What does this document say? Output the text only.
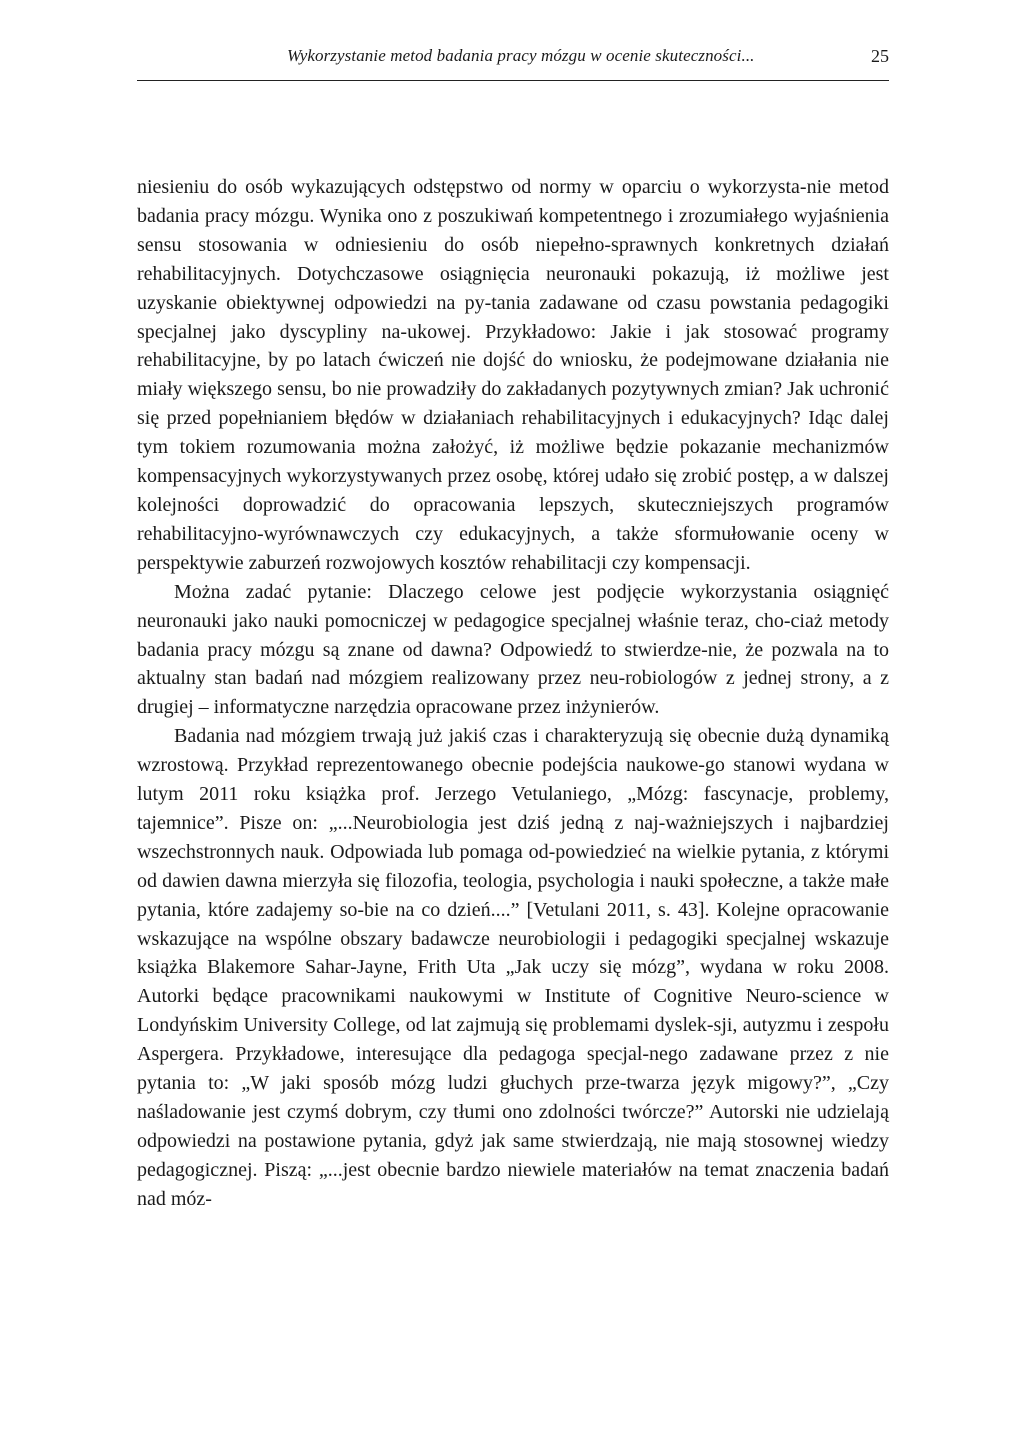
Wykorzystanie metod badania pracy mózgu w ocenie skuteczności...	25

niesieniu do osób wykazujących odstępstwo od normy w oparciu o wykorzysta-nie metod badania pracy mózgu. Wynika ono z poszukiwań kompetentnego i zrozumiałego wyjaśnienia sensu stosowania w odniesieniu do osób niepełno-sprawnych konkretnych działań rehabilitacyjnych. Dotychczasowe osiągnięcia neuronauki pokazują, iż możliwe jest uzyskanie obiektywnej odpowiedzi na py-tania zadawane od czasu powstania pedagogiki specjalnej jako dyscypliny na-ukowej. Przykładowo: Jakie i jak stosować programy rehabilitacyjne, by po latach ćwiczeń nie dojść do wniosku, że podejmowane działania nie miały większego sensu, bo nie prowadziły do zakładanych pozytywnych zmian? Jak uchronić się przed popełnianiem błędów w działaniach rehabilitacyjnych i edukacyjnych? Idąc dalej tym tokiem rozumowania można założyć, iż możliwe będzie pokazanie mechanizmów kompensacyjnych wykorzystywanych przez osobę, której udało się zrobić postęp, a w dalszej kolejności doprowadzić do opracowania lepszych, skuteczniejszych programów rehabilitacyjno-wyrównawczych czy edukacyjnych, a także sformułowanie oceny w perspektywie zaburzeń rozwojowych kosztów rehabilitacji czy kompensacji.

Można zadać pytanie: Dlaczego celowe jest podjęcie wykorzystania osiągnięć neuronauki jako nauki pomocniczej w pedagogice specjalnej właśnie teraz, cho-ciaż metody badania pracy mózgu są znane od dawna? Odpowiedź to stwierdze-nie, że pozwala na to aktualny stan badań nad mózgiem realizowany przez neu-robiologów z jednej strony, a z drugiej – informatyczne narzędzia opracowane przez inżynierów.

Badania nad mózgiem trwają już jakiś czas i charakteryzują się obecnie dużą dynamiką wzrostową. Przykład reprezentowanego obecnie podejścia naukowe-go stanowi wydana w lutym 2011 roku książka prof. Jerzego Vetulaniego, „Mózg: fascynacje, problemy, tajemnice”. Pisze on: „...Neurobiologia jest dziś jedną z naj-ważniejszych i najbardziej wszechstronnych nauk. Odpowiada lub pomaga od-powiedzieć na wielkie pytania, z którymi od dawien dawna mierzyła się filozofia, teologia, psychologia i nauki społeczne, a także małe pytania, które zadajemy so-bie na co dzień....” [Vetulani 2011, s. 43]. Kolejne opracowanie wskazujące na wspólne obszary badawcze neurobiologii i pedagogiki specjalnej wskazuje książka Blakemore Sahar-Jayne, Frith Uta „Jak uczy się mózg”, wydana w roku 2008. Autorki będące pracownikami naukowymi w Institute of Cognitive Neuro-science w Londyńskim University College, od lat zajmują się problemami dyslek-sji, autyzmu i zespołu Aspergera. Przykładowe, interesujące dla pedagoga specjal-nego zadawane przez z nie pytania to: „W jaki sposób mózg ludzi głuchych prze-twarza język migowy?”, „Czy naśladowanie jest czymś dobrym, czy tłumi ono zdolności twórcze?” Autorski nie udzielają odpowiedzi na postawione pytania, gdyż jak same stwierdzają, nie mają stosownej wiedzy pedagogicznej. Piszą: „...jest obecnie bardzo niewiele materiałów na temat znaczenia badań nad móz-
